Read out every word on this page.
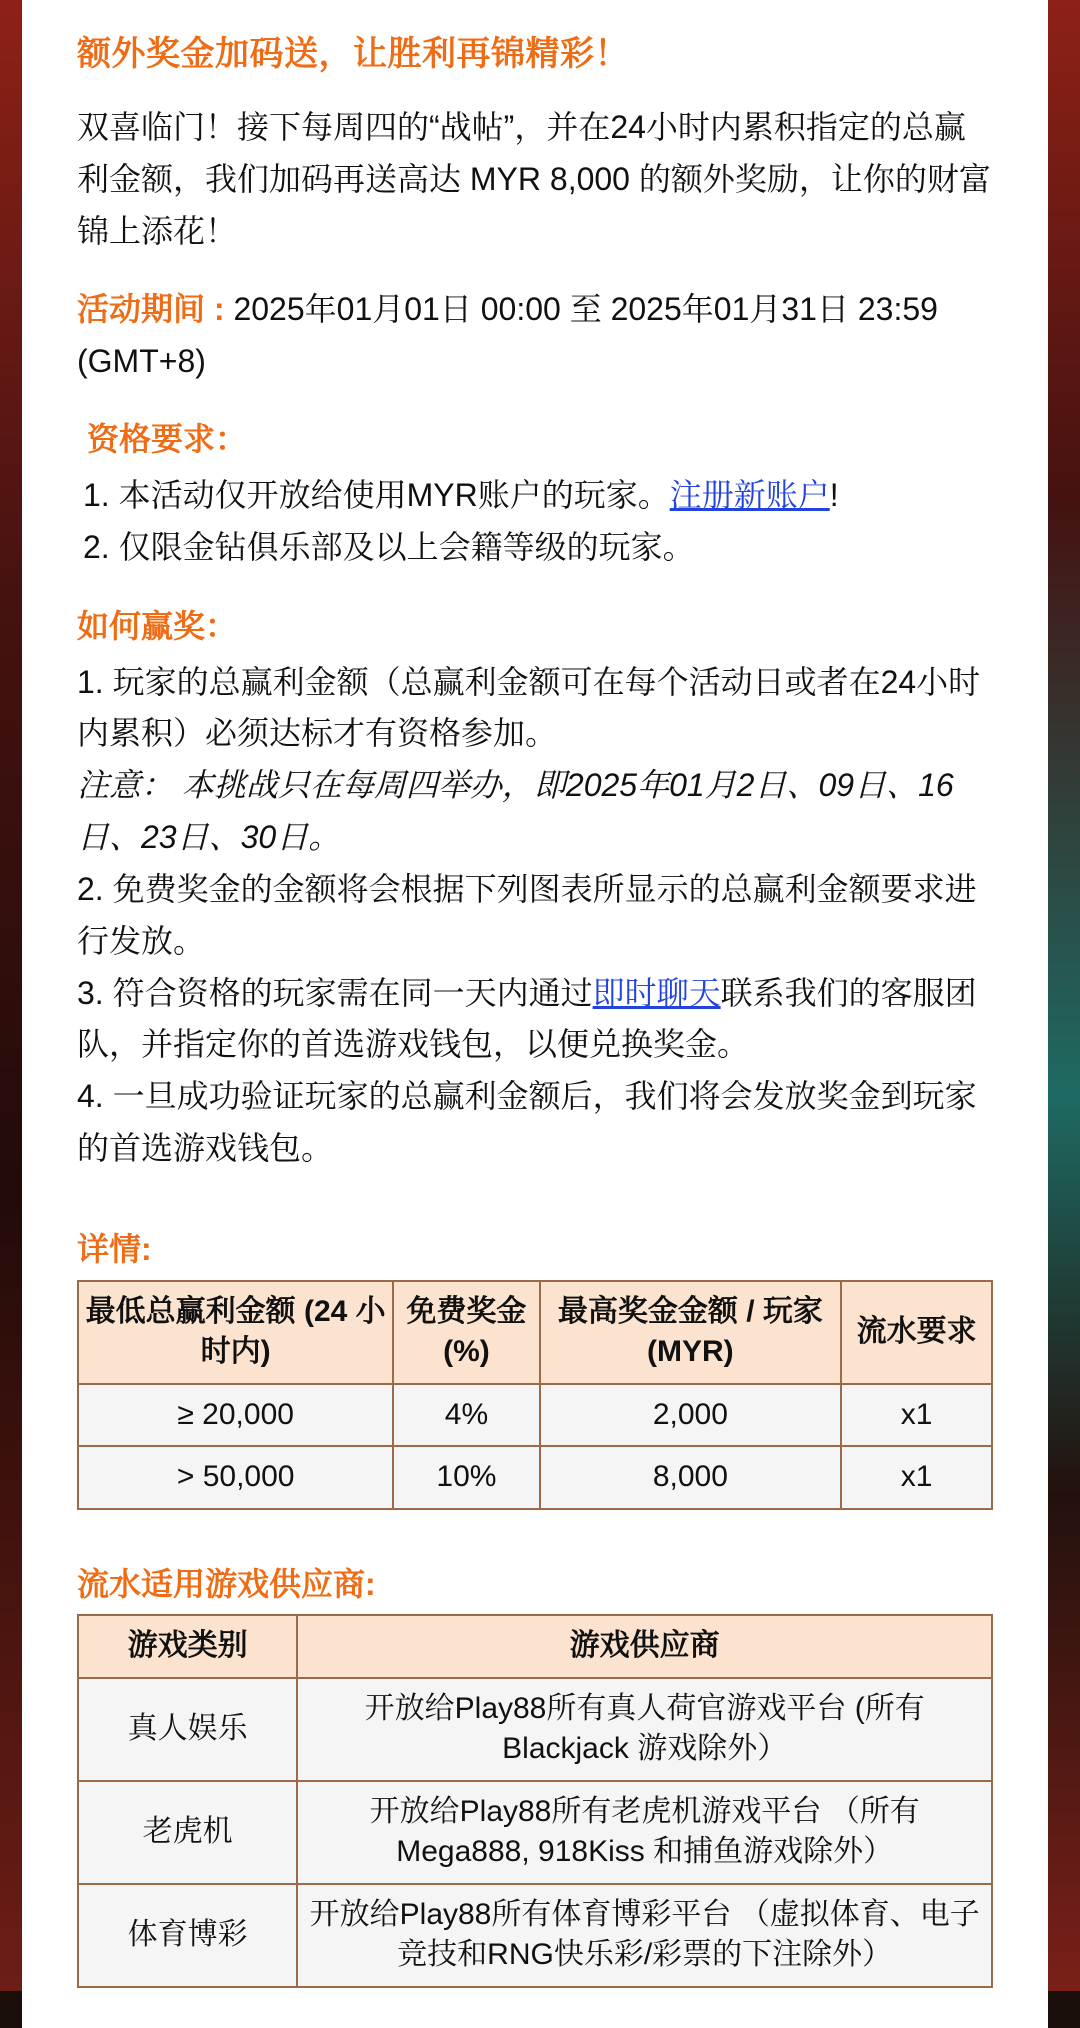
额外奖金加码送，让胜利再锦精彩！

双喜临门！接下每周四的“战帖”，并在24小时内累积指定的总赢利金额，我们加码再送高达 MYR 8,000 的额外奖励，让你的财富锦上添花！

活动期间 : 2025年01月01日 00:00 至 2025年01月31日 23:59 (GMT+8)

资格要求：

1. 本活动仅开放给使用MYR账户的玩家。注册新账户!

2. 仅限金钻俱乐部及以上会籍等级的玩家。

如何赢奖：

1. 玩家的总赢利金额（总赢利金额可在每个活动日或者在24小时内累积）必须达标才有资格参加。

注意： 本挑战只在每周四举办，即2025年01月2日、09日、16日、23日、30日。

2. 免费奖金的金额将会根据下列图表所显示的总赢利金额要求进行发放。

3. 符合资格的玩家需在同一天内通过即时聊天联系我们的客服团队，并指定你的首选游戏钱包，以便兑换奖金。

4. 一旦成功验证玩家的总赢利金额后，我们将会发放奖金到玩家的首选游戏钱包。

详情:
最低总赢利金额 (24 小时内)	免费奖金 (%)	最高奖金金额 / 玩家 (MYR)	流水要求
≥ 20,000	4%	2,000	x1
> 50,000	10%	8,000	x1
流水适用游戏供应商:
游戏类别	游戏供应商
真人娱乐	开放给Play88所有真人荷官游戏平台 (所有Blackjack 游戏除外）
老虎机	开放给Play88所有老虎机游戏平台 （所有Mega888, 918Kiss 和捕鱼游戏除外）
体育博彩	开放给Play88所有体育博彩平台 （虚拟体育、电子竞技和RNG快乐彩/彩票的下注除外）
